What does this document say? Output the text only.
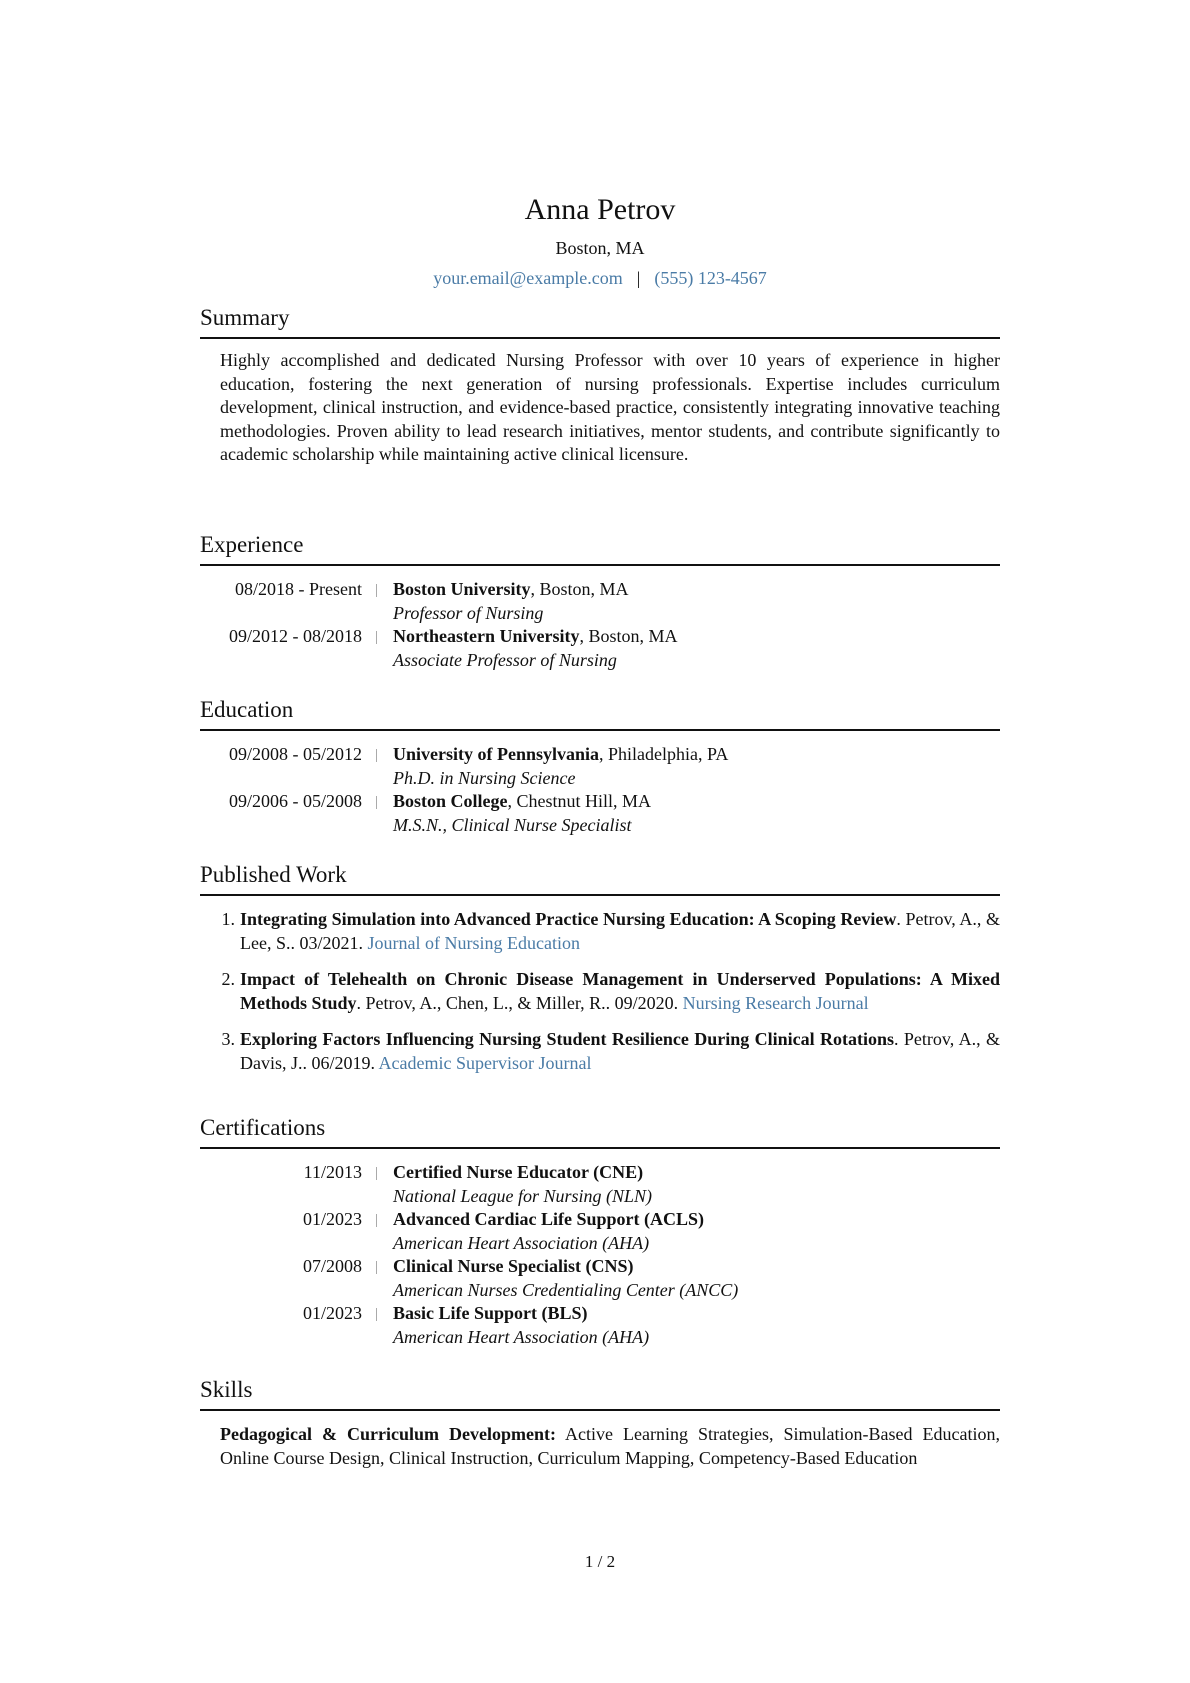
Anna Petrov
Boston, MA
your.email@example.com | (555) 123-4567
Summary
Highly accomplished and dedicated Nursing Professor with over 10 years of experience in higher education, fostering the next generation of nursing professionals. Expertise includes curriculum development, clinical instruction, and evidence-based practice, consistently integrating innovative teaching methodologies. Proven ability to lead research initiatives, mentor students, and contribute significantly to academic scholarship while maintaining active clinical licensure.
Experience
08/2018 - Present	Boston University, Boston, MA
Professor of Nursing
09/2012 - 08/2018	Northeastern University, Boston, MA
Associate Professor of Nursing
Education
09/2008 - 05/2012	University of Pennsylvania, Philadelphia, PA
Ph.D. in Nursing Science
09/2006 - 05/2008	Boston College, Chestnut Hill, MA
M.S.N., Clinical Nurse Specialist
Published Work
1. Integrating Simulation into Advanced Practice Nursing Education: A Scoping Review. Petrov, A., & Lee, S.. 03/2021. Journal of Nursing Education
2. Impact of Telehealth on Chronic Disease Management in Underserved Populations: A Mixed Methods Study. Petrov, A., Chen, L., & Miller, R.. 09/2020. Nursing Research Journal
3. Exploring Factors Influencing Nursing Student Resilience During Clinical Rotations. Petrov, A., & Davis, J.. 06/2019. Academic Supervisor Journal
Certifications
11/2013	Certified Nurse Educator (CNE)
National League for Nursing (NLN)
01/2023	Advanced Cardiac Life Support (ACLS)
American Heart Association (AHA)
07/2008	Clinical Nurse Specialist (CNS)
American Nurses Credentialing Center (ANCC)
01/2023	Basic Life Support (BLS)
American Heart Association (AHA)
Skills
Pedagogical & Curriculum Development: Active Learning Strategies, Simulation-Based Education, Online Course Design, Clinical Instruction, Curriculum Mapping, Competency-Based Education
1 / 2
